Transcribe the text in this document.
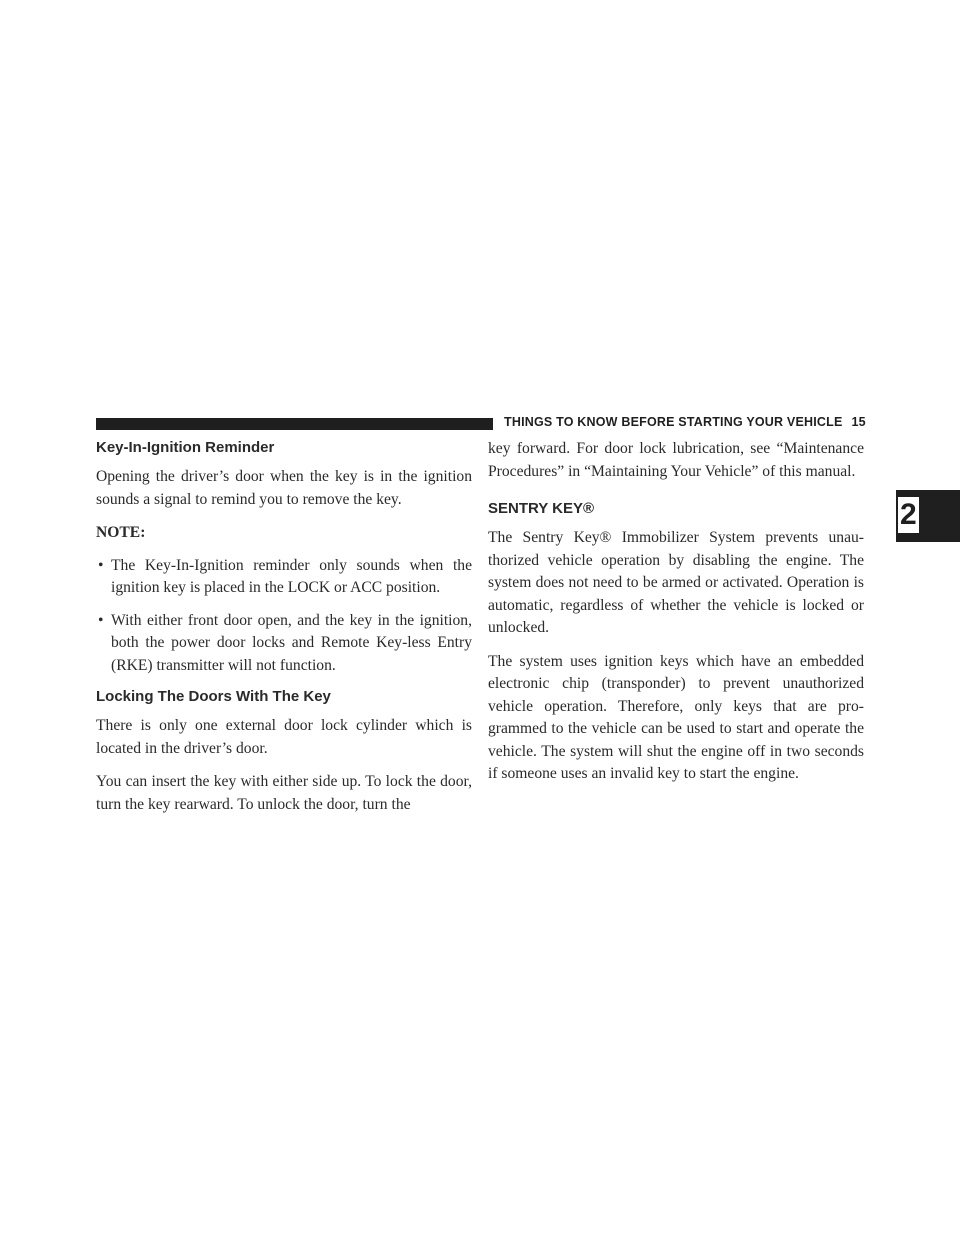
THINGS TO KNOW BEFORE STARTING YOUR VEHICLE 15
2
Key-In-Ignition Reminder

Opening the driver’s door when the key is in the ignition sounds a signal to remind you to remove the key.

NOTE:

• The Key-In-Ignition reminder only sounds when the ignition key is placed in the LOCK or ACC position.
• With either front door open, and the key in the ignition, both the power door locks and Remote Key-less Entry (RKE) transmitter will not function.
Locking The Doors With The Key

There is only one external door lock cylinder which is located in the driver’s door.

You can insert the key with either side up. To lock the door, turn the key rearward. To unlock the door, turn the

key forward. For door lock lubrication, see “Maintenance Procedures” in “Maintaining Your Vehicle” of this manual.

SENTRY KEY®

The Sentry Key® Immobilizer System prevents unau-thorized vehicle operation by disabling the engine. The system does not need to be armed or activated. Operation is automatic, regardless of whether the vehicle is locked or unlocked.

The system uses ignition keys which have an embedded electronic chip (transponder) to prevent unauthorized vehicle operation. Therefore, only keys that are pro-grammed to the vehicle can be used to start and operate the vehicle. The system will shut the engine off in two seconds if someone uses an invalid key to start the engine.
